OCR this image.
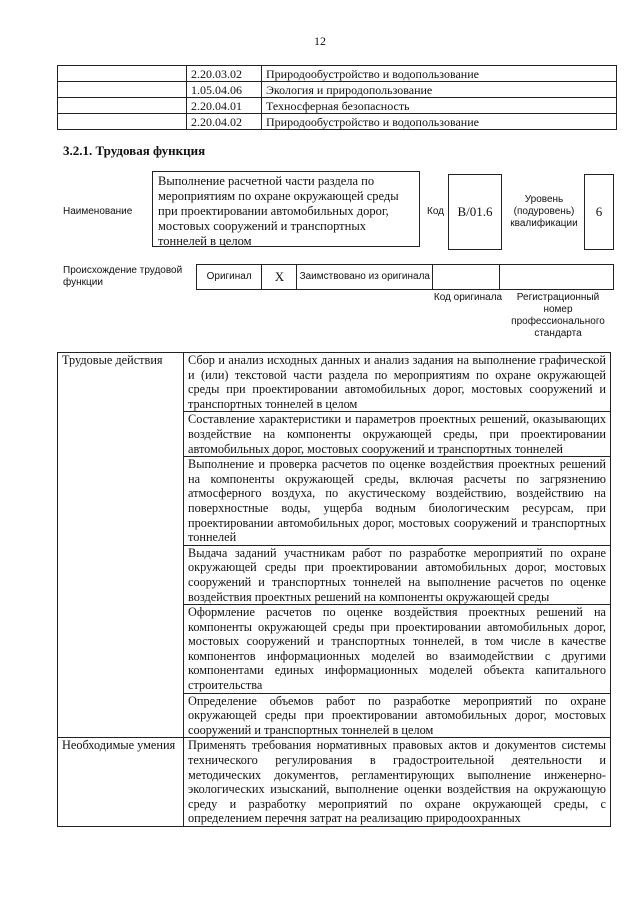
12
	2.20.03.02	Природообустройство и водопользование
	1.05.04.06	Экология и природопользование
	2.20.04.01	Техносферная безопасность
	2.20.04.02	Природообустройство и водопользование
3.2.1. Трудовая функция
Наименование
Выполнение расчетной части раздела по мероприятиям по охране окружающей среды при проектировании автомобильных дорог, мостовых сооружений и транспортных тоннелей в целом
Код	B/01.6
Уровень (подуровень) квалификации
6
Происхождение трудовой функции
Оригинал	X	Заимствовано из оригинала		
Код оригинала	Регистрационный номер профессионального стандарта
Трудовые действия	Сбор и анализ исходных данных и анализ задания на выполнение графической и (или) текстовой части раздела по мероприятиям по охране окружающей среды при проектировании автомобильных дорог, мостовых сооружений и транспортных тоннелей в целом
	Составление характеристики и параметров проектных решений, оказывающих воздействие на компоненты окружающей среды, при проектировании автомобильных дорог, мостовых сооружений и транспортных тоннелей
	Выполнение и проверка расчетов по оценке воздействия проектных решений на компоненты окружающей среды, включая расчеты по загрязнению атмосферного воздуха, по акустическому воздействию, воздействию на поверхностные воды, ущерба водным биологическим ресурсам, при проектировании автомобильных дорог, мостовых сооружений и транспортных тоннелей
	Выдача заданий участникам работ по разработке мероприятий по охране окружающей среды при проектировании автомобильных дорог, мостовых сооружений и транспортных тоннелей на выполнение расчетов по оценке воздействия проектных решений на компоненты окружающей среды
	Оформление расчетов по оценке воздействия проектных решений на компоненты окружающей среды при проектировании автомобильных дорог, мостовых сооружений и транспортных тоннелей, в том числе в качестве компонентов информационных моделей во взаимодействии с другими компонентами единых информационных моделей объекта капитального строительства
	Определение объемов работ по разработке мероприятий по охране окружающей среды при проектировании автомобильных дорог, мостовых сооружений и транспортных тоннелей в целом
Необходимые умения	Применять требования нормативных правовых актов и документов системы технического регулирования в градостроительной деятельности и методических документов, регламентирующих выполнение инженерно-экологических изысканий, выполнение оценки воздействия на окружающую среду и разработку мероприятий по охране окружающей среды, с определением перечня затрат на реализацию природоохранных
